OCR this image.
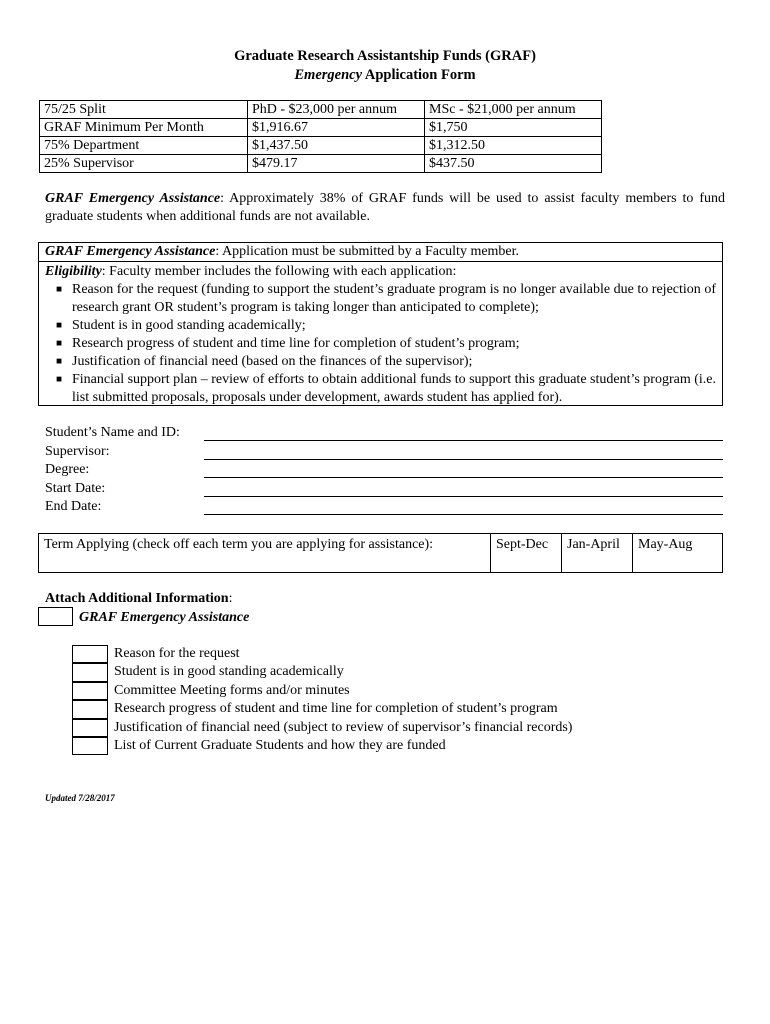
Graduate Research Assistantship Funds (GRAF)
Emergency Application Form
75/25 Split	PhD - $23,000 per annum	MSc - $21,000 per annum
GRAF Minimum Per Month	$1,916.67	$1,750
75% Department	$1,437.50	$1,312.50
25% Supervisor	$479.17	$437.50
GRAF Emergency Assistance: Approximately 38% of GRAF funds will be used to assist faculty members to fund graduate students when additional funds are not available.
GRAF Emergency Assistance: Application must be submitted by a Faculty member.
Eligibility: Faculty member includes the following with each application:
■ Reason for the request (funding to support the student’s graduate program is no longer available due to rejection of research grant OR student’s program is taking longer than anticipated to complete);
■ Student is in good standing academically;
■ Research progress of student and time line for completion of student’s program;
■ Justification of financial need (based on the finances of the supervisor);
■ Financial support plan – review of efforts to obtain additional funds to support this graduate student’s program (i.e. list submitted proposals, proposals under development, awards student has applied for).
Student’s Name and ID:
Supervisor:
Degree:
Start Date:
End Date:
Term Applying (check off each term you are applying for assistance):	Sept-Dec	Jan-April	May-Aug
Attach Additional Information:
GRAF Emergency Assistance
Reason for the request
Student is in good standing academically
Committee Meeting forms and/or minutes
Research progress of student and time line for completion of student’s program
Justification of financial need (subject to review of supervisor’s financial records)
List of Current Graduate Students and how they are funded
Updated 7/28/2017
